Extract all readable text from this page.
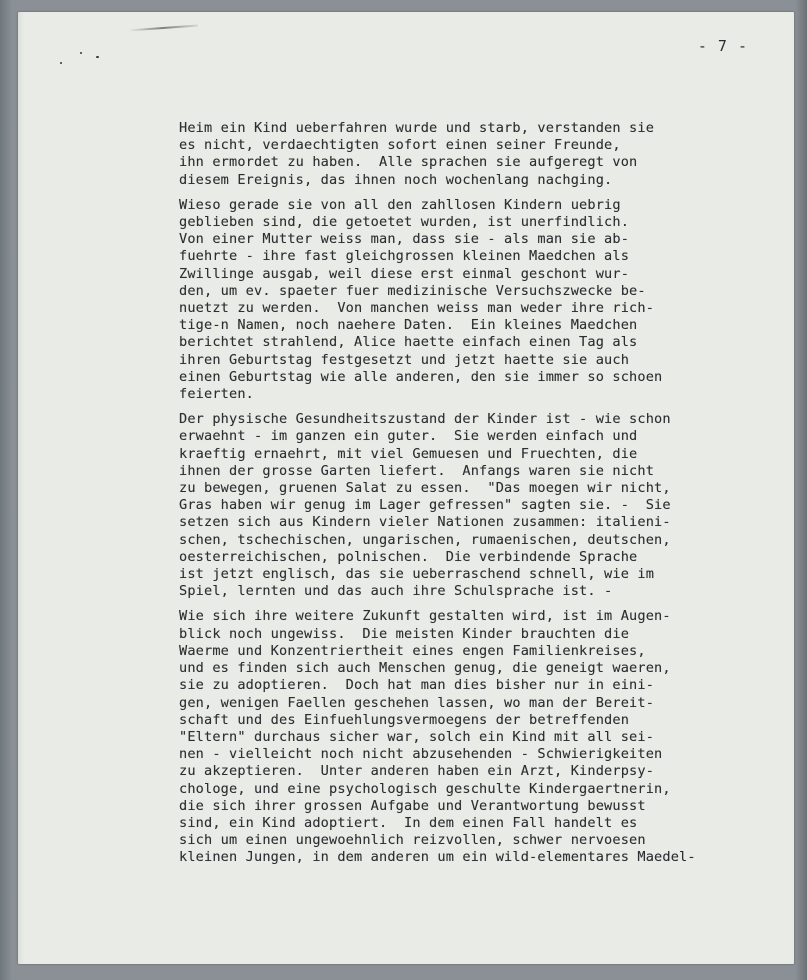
- 7 -
Heim ein Kind ueberfahren wurde und starb, verstanden sie
es nicht, verdaechtigten sofort einen seiner Freunde,
ihn ermordet zu haben.  Alle sprachen sie aufgeregt von
diesem Ereignis, das ihnen noch wochenlang nachging.
Wieso gerade sie von all den zahllosen Kindern uebrig
geblieben sind, die getoetet wurden, ist unerfindlich.
Von einer Mutter weiss man, dass sie - als man sie ab-
fuehrte - ihre fast gleichgrossen kleinen Maedchen als
Zwillinge ausgab, weil diese erst einmal geschont wur-
den, um ev. spaeter fuer medizinische Versuchszwecke be-
nuetzt zu werden.  Von manchen weiss man weder ihre rich-
tige-n Namen, noch naehere Daten.  Ein kleines Maedchen
berichtet strahlend, Alice haette einfach einen Tag als
ihren Geburtstag festgesetzt und jetzt haette sie auch
einen Geburtstag wie alle anderen, den sie immer so schoen
feierten.
Der physische Gesundheitszustand der Kinder ist - wie schon
erwaehnt - im ganzen ein guter.  Sie werden einfach und
kraeftig ernaehrt, mit viel Gemuesen und Fruechten, die
ihnen der grosse Garten liefert.  Anfangs waren sie nicht
zu bewegen, gruenen Salat zu essen.  "Das moegen wir nicht,
Gras haben wir genug im Lager gefressen" sagten sie. -  Sie
setzen sich aus Kindern vieler Nationen zusammen: italieni-
schen, tschechischen, ungarischen, rumaenischen, deutschen,
oesterreichischen, polnischen.  Die verbindende Sprache
ist jetzt englisch, das sie ueberraschend schnell, wie im
Spiel, lernten und das auch ihre Schulsprache ist. -
Wie sich ihre weitere Zukunft gestalten wird, ist im Augen-
blick noch ungewiss.  Die meisten Kinder brauchten die
Waerme und Konzentriertheit eines engen Familienkreises,
und es finden sich auch Menschen genug, die geneigt waeren,
sie zu adoptieren.  Doch hat man dies bisher nur in eini-
gen, wenigen Faellen geschehen lassen, wo man der Bereit-
schaft und des Einfuehlungsvermoegens der betreffenden
"Eltern" durchaus sicher war, solch ein Kind mit all sei-
nen - vielleicht noch nicht abzusehenden - Schwierigkeiten
zu akzeptieren.  Unter anderen haben ein Arzt, Kinderpsy-
chologe, und eine psychologisch geschulte Kindergaertnerin,
die sich ihrer grossen Aufgabe und Verantwortung bewusst
sind, ein Kind adoptiert.  In dem einen Fall handelt es
sich um einen ungewoehnlich reizvollen, schwer nervoesen
kleinen Jungen, in dem anderen um ein wild-elementares Maedel-
